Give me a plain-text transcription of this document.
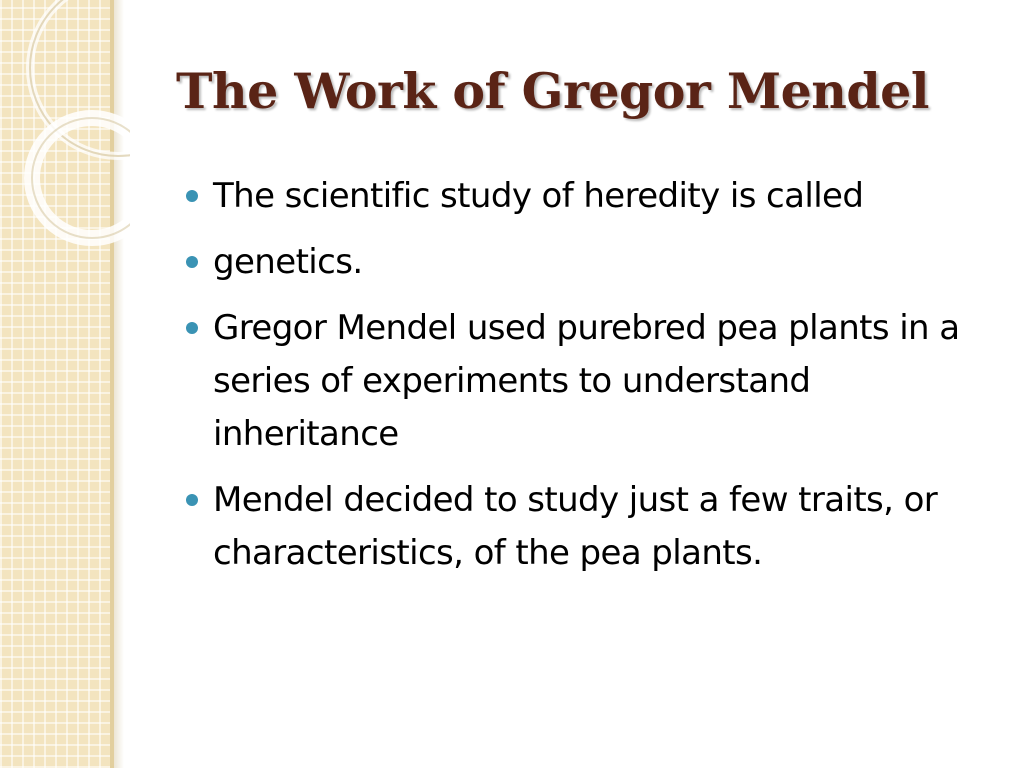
The Work of Gregor Mendel
The scientific study of heredity is called
genetics.
Gregor Mendel used purebred pea plants in a series of experiments to understand inheritance
Mendel decided to study just a few traits, or characteristics, of the pea plants.
